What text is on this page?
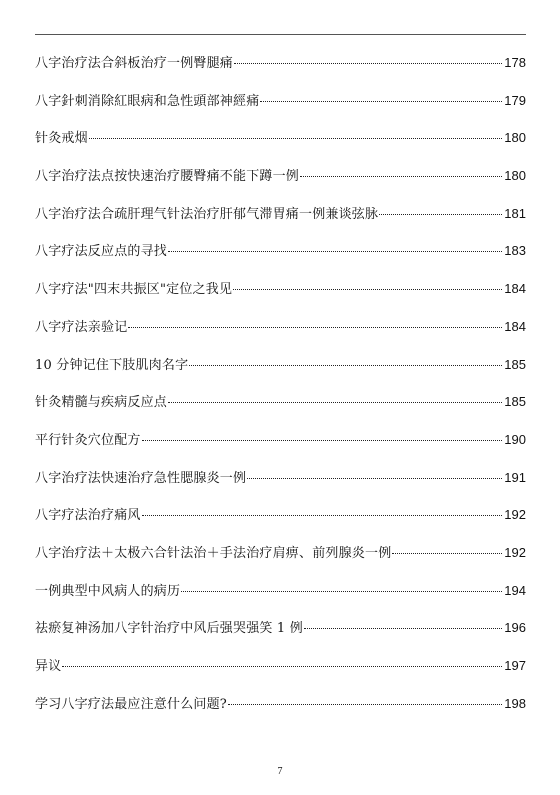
八字治疗法合斜板治疗一例臀腿痛	178
八字針刺消除紅眼病和急性頭部神經痛	179
针灸戒烟	180
八字治疗法点按快速治疗腰臀痛不能下蹲一例	180
八字治疗法合疏肝理气针法治疗肝郁气滞胃痛一例兼谈弦脉	181
八字疗法反应点的寻找	183
八字疗法"四末共振区"定位之我见	184
八字疗法亲验记	184
10 分钟记住下肢肌肉名字	185
针灸精髓与疾病反应点	185
平行针灸穴位配方	190
八字治疗法快速治疗急性腮腺炎一例	191
八字疗法治疗痛风	192
八字治疗法＋太极六合针法治＋手法治疗肩痹、前列腺炎一例	192
一例典型中风病人的病历	194
祛瘀复神汤加八字针治疗中风后强哭强笑 1 例	196
异议	197
学习八字疗法最应注意什么问题?	198
7
